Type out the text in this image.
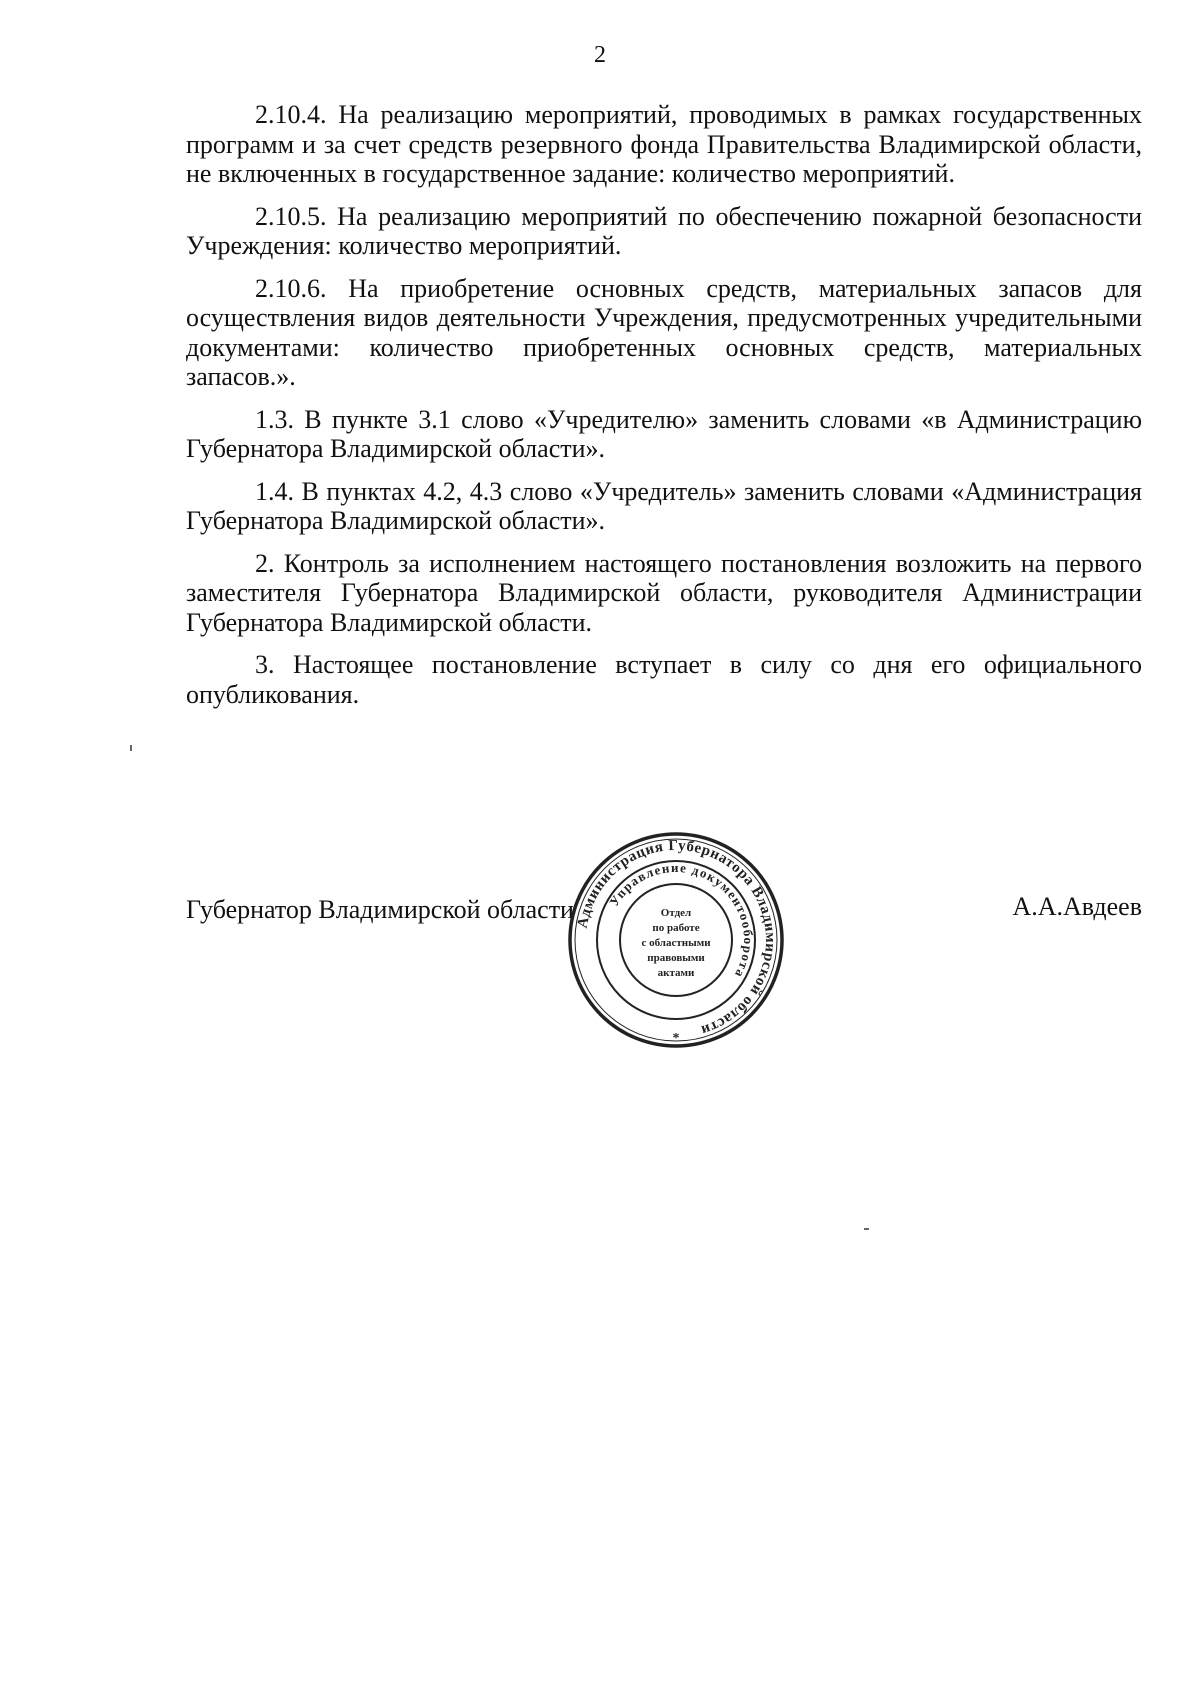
2

2.10.4. На реализацию мероприятий, проводимых в рамках государственных программ и за счет средств резервного фонда Правительства Владимирской области, не включенных в государственное задание: количество мероприятий.

2.10.5. На реализацию мероприятий по обеспечению пожарной безопасности Учреждения: количество мероприятий.

2.10.6. На приобретение основных средств, материальных запасов для осуществления видов деятельности Учреждения, предусмотренных учредительными документами: количество приобретенных основных средств, материальных запасов.».

1.3. В пункте 3.1 слово «Учредителю» заменить словами «в Администрацию Губернатора Владимирской области».

1.4. В пунктах 4.2, 4.3 слово «Учредитель» заменить словами «Администрация Губернатора Владимирской области».

2. Контроль за исполнением настоящего постановления возложить на первого заместителя Губернатора Владимирской области, руководителя Администрации Губернатора Владимирской области.

3. Настоящее постановление вступает в силу со дня его официального опубликования.

Губернатор Владимирской области	А.А.Авдеев
Администрация Губернатора Владимирской области
Управление документооборота
Отдел
по работе
с областными
правовыми
актами
*
